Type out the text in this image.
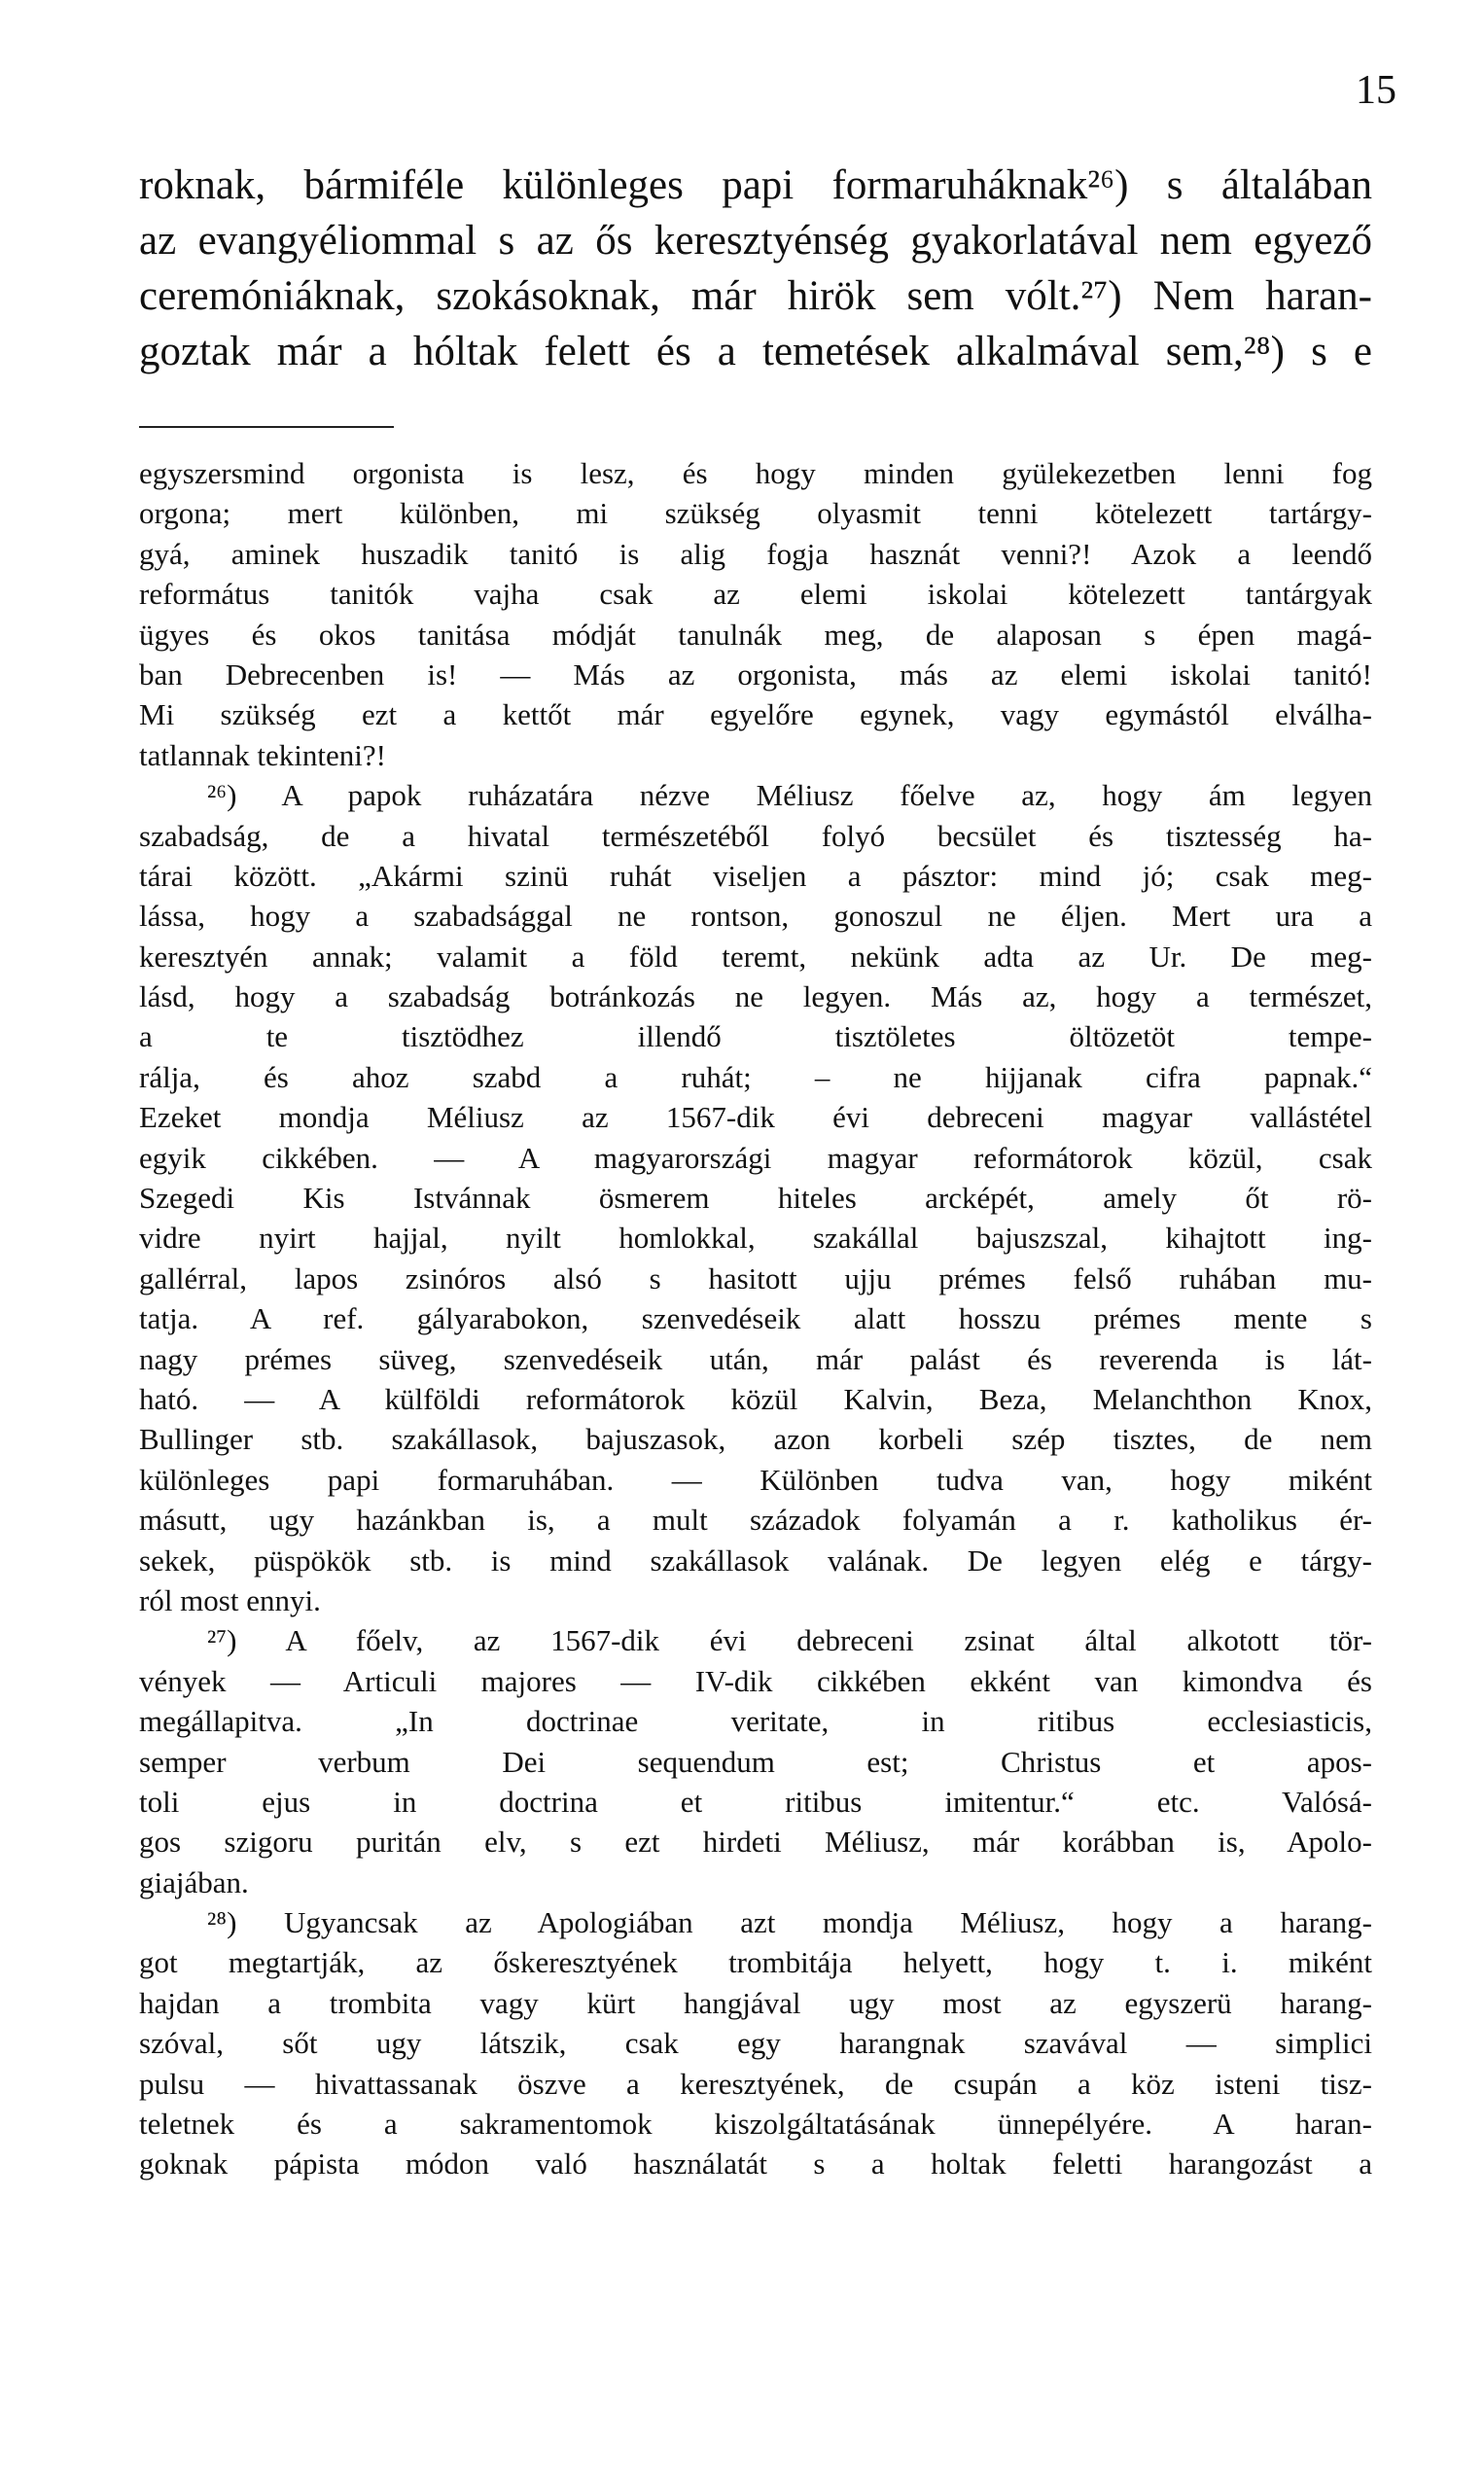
15
roknak, bármiféle különleges papi formaruháknak²⁶) s általában
az evangyéliommal s az ős keresztyénség gyakorlatával nem egyező
ceremóniáknak, szokásoknak, már hirök sem vólt.²⁷) Nem haran-
goztak már a hóltak felett és a temetések alkalmával sem,²⁸) s e
egyszersmind orgonista is lesz, és hogy minden gyülekezetben lenni fog
orgona; mert különben, mi szükség olyasmit tenni kötelezett tartárgy-
gyá, aminek huszadik tanitó is alig fogja hasznát venni?! Azok a leendő
református tanitók vajha csak az elemi iskolai kötelezett tantárgyak
ügyes és okos tanitása módját tanulnák meg, de alaposan s épen magá-
ban Debrecenben is! — Más az orgonista, más az elemi iskolai tanitó!
Mi szükség ezt a kettőt már egyelőre egynek, vagy egymástól elválha-
tatlannak tekinteni?!
²⁶) A papok ruházatára nézve Méliusz főelve az, hogy ám legyen
szabadság, de a hivatal természetéből folyó becsület és tisztesség ha-
tárai között. „Akármi szinü ruhát viseljen a pásztor: mind jó; csak meg-
lássa, hogy a szabadsággal ne rontson, gonoszul ne éljen. Mert ura a
keresztyén annak; valamit a föld teremt, nekünk adta az Ur. De meg-
lásd, hogy a szabadság botránkozás ne legyen. Más az, hogy a természet,
a te tisztödhez illendő tisztöletes öltözetöt tempe-
rálja, és ahoz szabd a ruhát; – ne hijjanak cifra papnak.“
Ezeket mondja Méliusz az 1567-dik évi debreceni magyar vallástétel
egyik cikkében. — A magyarországi magyar reformátorok közül, csak
Szegedi Kis Istvánnak ösmerem hiteles arcképét, amely őt rö-
vidre nyirt hajjal, nyilt homlokkal, szakállal bajuszszal, kihajtott ing-
gallérral, lapos zsinóros alsó s hasitott ujju prémes felső ruhában mu-
tatja. A ref. gályarabokon, szenvedéseik alatt hosszu prémes mente s
nagy prémes süveg, szenvedéseik után, már palást és reverenda is lát-
ható. — A külföldi reformátorok közül Kalvin, Beza, Melanchthon Knox,
Bullinger stb. szakállasok, bajuszasok, azon korbeli szép tisztes, de nem
különleges papi formaruhában. — Különben tudva van, hogy miként
másutt, ugy hazánkban is, a mult századok folyamán a r. katholikus ér-
sekek, püspökök stb. is mind szakállasok valának. De legyen elég e tárgy-
ról most ennyi.
²⁷) A főelv, az 1567-dik évi debreceni zsinat által alkotott tör-
vények — Articuli majores — IV-dik cikkében ekként van kimondva és
megállapitva. „In doctrinae veritate, in ritibus ecclesiasticis,
semper verbum Dei sequendum est; Christus et apos-
toli ejus in doctrina et ritibus imitentur.“ etc. Valósá-
gos szigoru puritán elv, s ezt hirdeti Méliusz, már korábban is, Apolo-
giajában.
²⁸) Ugyancsak az Apologiában azt mondja Méliusz, hogy a harang-
got megtartják, az őskeresztyének trombitája helyett, hogy t. i. miként
hajdan a trombita vagy kürt hangjával ugy most az egyszerü harang-
szóval, sőt ugy látszik, csak egy harangnak szavával — simplici
pulsu — hivattassanak öszve a keresztyének, de csupán a köz isteni tisz-
teletnek és a sakramentomok kiszolgáltatásának ünnepélyére. A haran-
goknak pápista módon való használatát s a holtak feletti harangozást a
